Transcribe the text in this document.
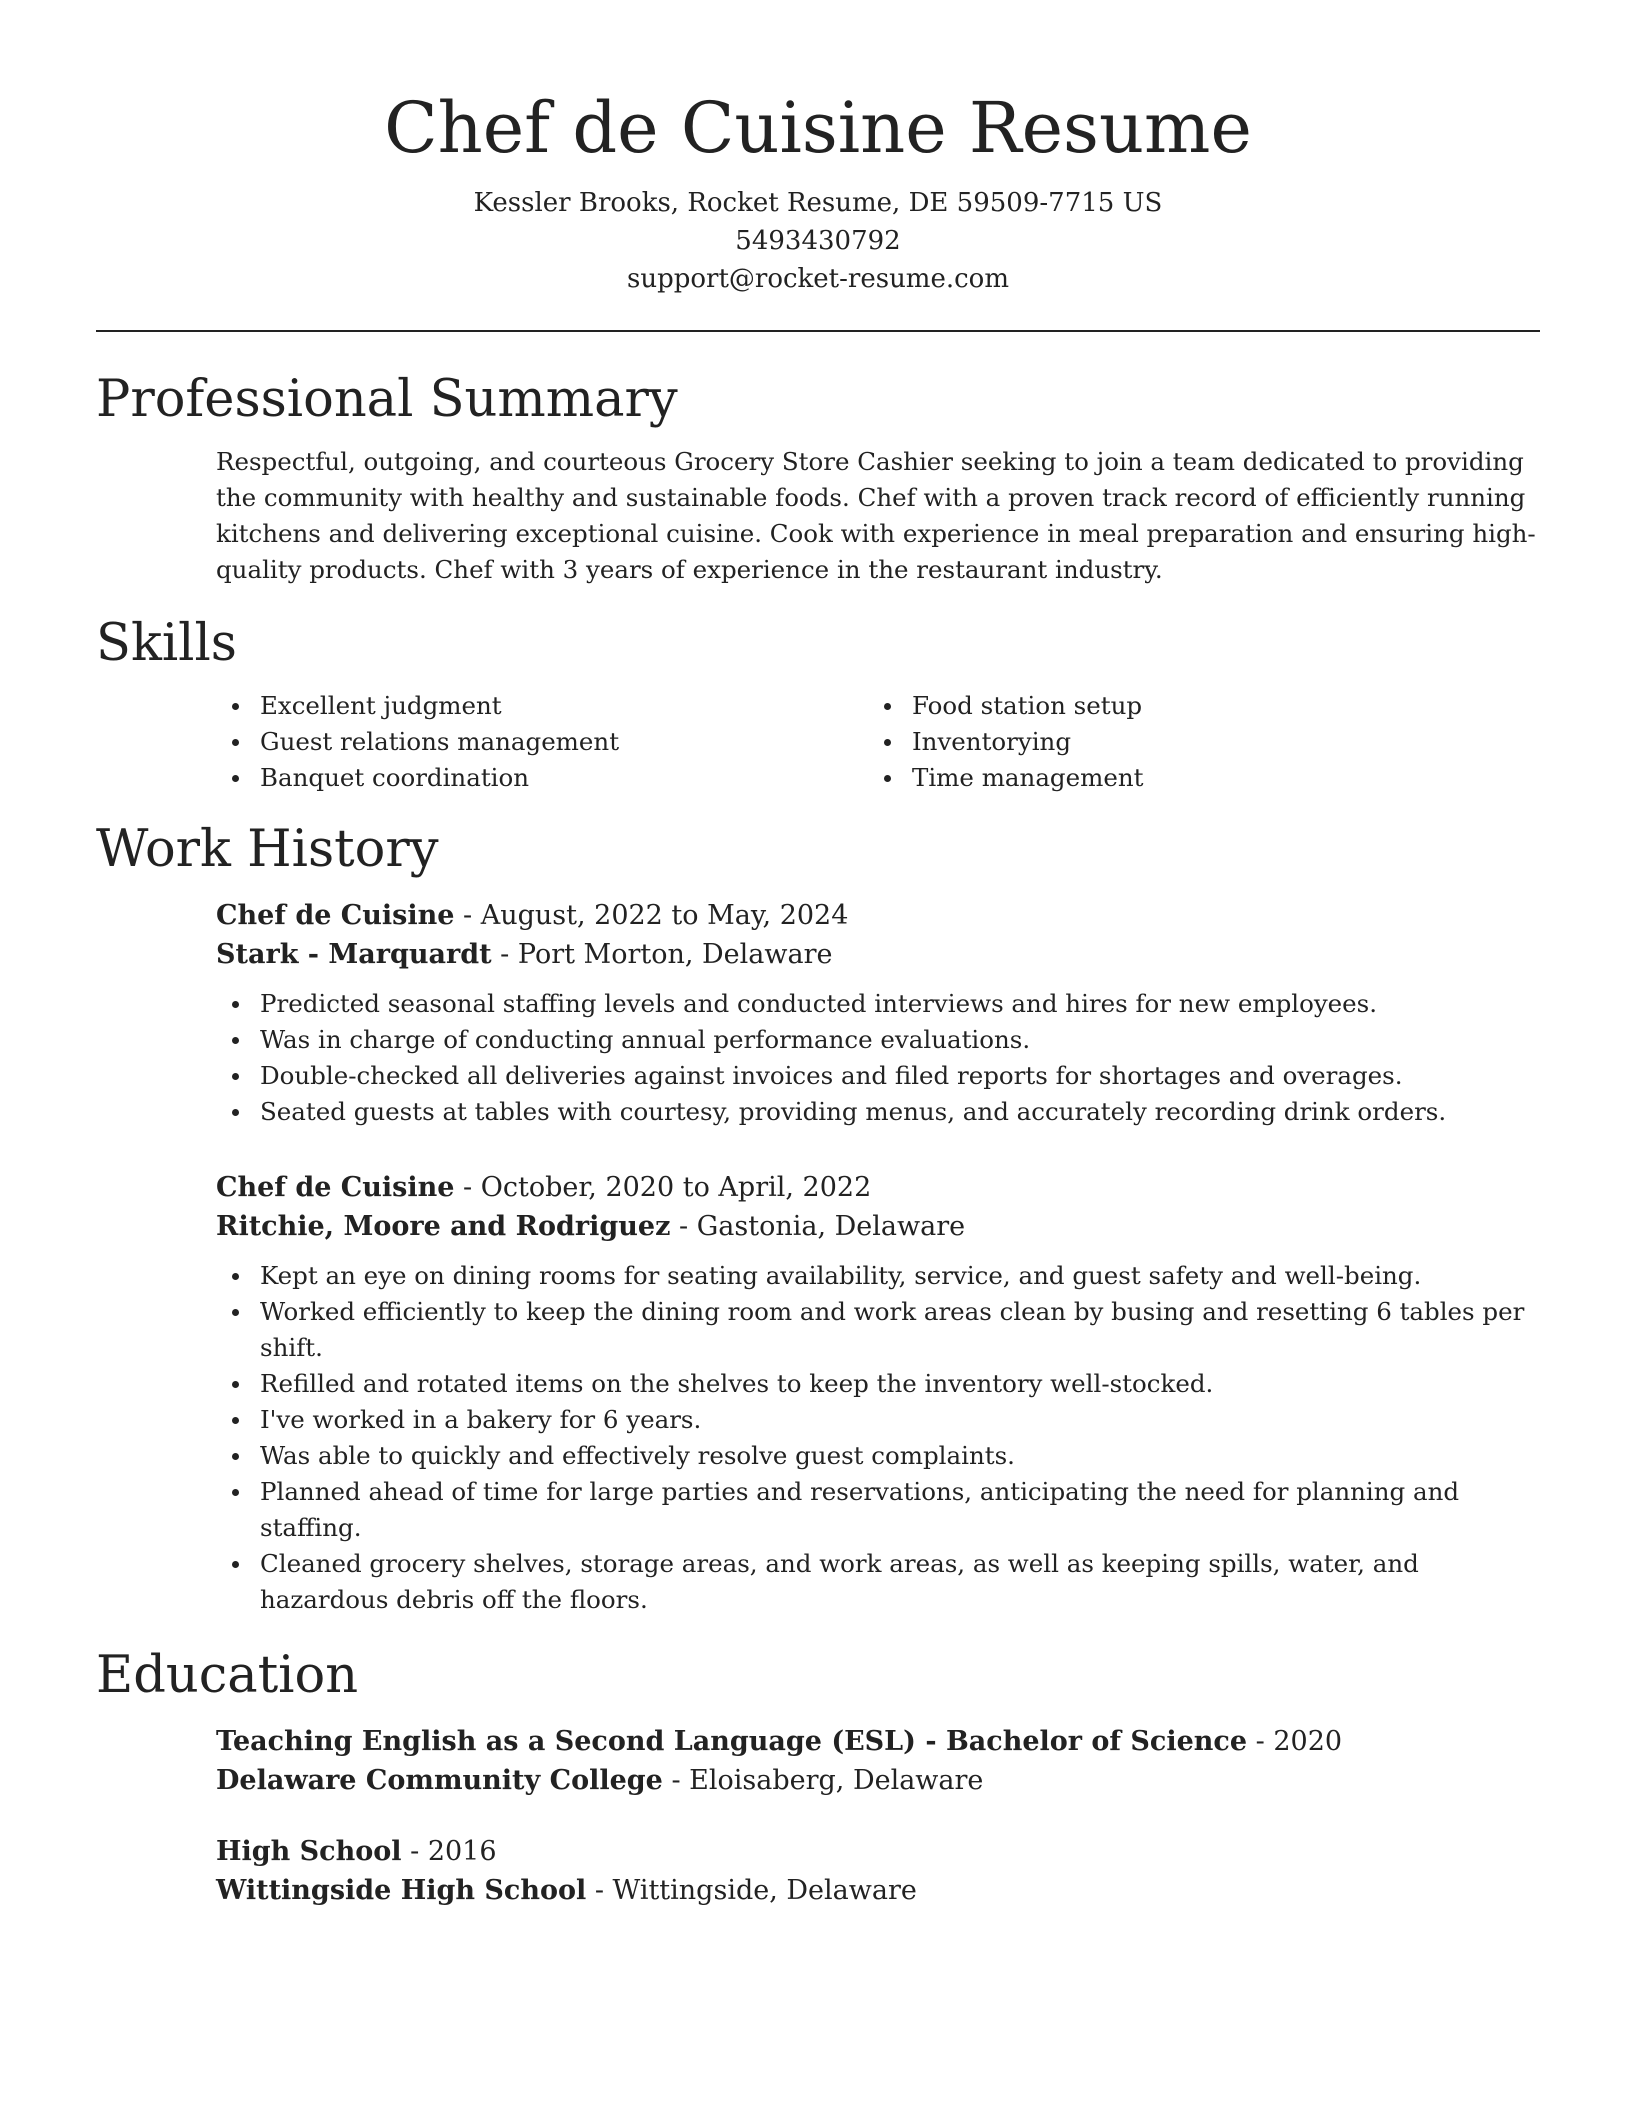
Chef de Cuisine Resume
Kessler Brooks, Rocket Resume, DE 59509-7715 US
5493430792
support@rocket-resume.com
Professional Summary

Respectful, outgoing, and courteous Grocery Store Cashier seeking to join a team dedicated to providing the community with healthy and sustainable foods. Chef with a proven track record of efficiently running kitchens and delivering exceptional cuisine. Cook with experience in meal preparation and ensuring high-quality products. Chef with 3 years of experience in the restaurant industry.

Skills
Excellent judgment
Guest relations management
Banquet coordination
Food station setup
Inventorying
Time management
Work History
Chef de Cuisine - August, 2022 to May, 2024
Stark - Marquardt - Port Morton, Delaware
Predicted seasonal staffing levels and conducted interviews and hires for new employees.
Was in charge of conducting annual performance evaluations.
Double-checked all deliveries against invoices and filed reports for shortages and overages.
Seated guests at tables with courtesy, providing menus, and accurately recording drink orders.
Chef de Cuisine - October, 2020 to April, 2022
Ritchie, Moore and Rodriguez - Gastonia, Delaware
Kept an eye on dining rooms for seating availability, service, and guest safety and well-being.
Worked efficiently to keep the dining room and work areas clean by busing and resetting 6 tables per shift.
Refilled and rotated items on the shelves to keep the inventory well-stocked.
I've worked in a bakery for 6 years.
Was able to quickly and effectively resolve guest complaints.
Planned ahead of time for large parties and reservations, anticipating the need for planning and staffing.
Cleaned grocery shelves, storage areas, and work areas, as well as keeping spills, water, and hazardous debris off the floors.
Education
Teaching English as a Second Language (ESL) - Bachelor of Science - 2020
Delaware Community College - Eloisaberg, Delaware
High School - 2016
Wittingside High School - Wittingside, Delaware
